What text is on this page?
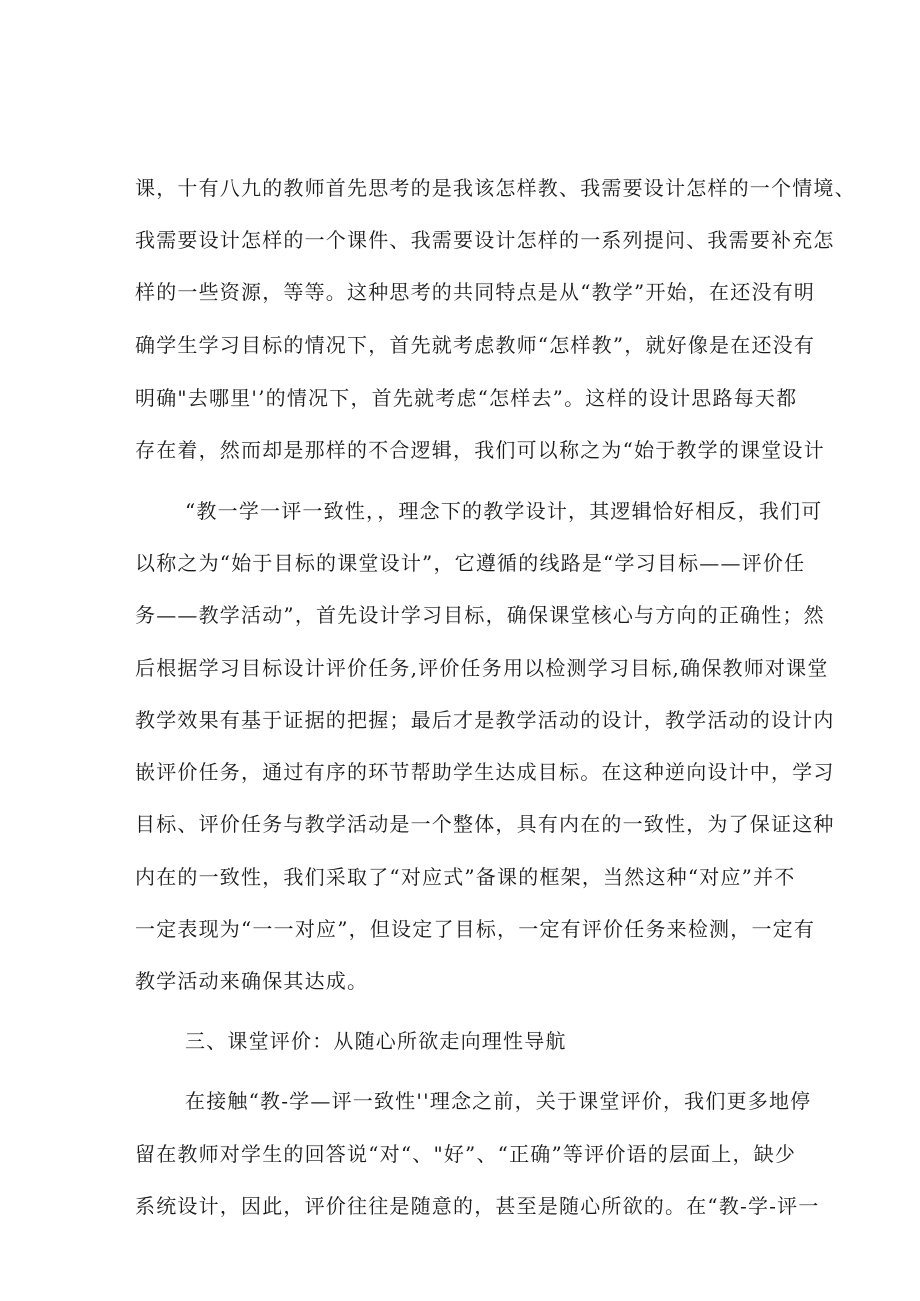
课，十有八九的教师首先思考的是我该怎样教、我需要设计怎样的一个情境、
我需要设计怎样的一个课件、我需要设计怎样的一系列提问、我需要补充怎
样的一些资源，等等。这种思考的共同特点是从“教学”开始，在还没有明
确学生学习目标的情况下，首先就考虑教师“怎样教”，就好像是在还没有
明确"去哪里'’的情况下，首先就考虑“怎样去”。这样的设计思路每天都
存在着，然而却是那样的不合逻辑，我们可以称之为“始于教学的课堂设计
“教一学一评一致性，，理念下的教学设计，其逻辑恰好相反，我们可
以称之为“始于目标的课堂设计”，它遵循的线路是“学习目标——评价任
务——教学活动”，首先设计学习目标，确保课堂核心与方向的正确性；然
后根据学习目标设计评价任务,评价任务用以检测学习目标,确保教师对课堂
教学效果有基于证据的把握；最后才是教学活动的设计，教学活动的设计内
嵌评价任务，通过有序的环节帮助学生达成目标。在这种逆向设计中，学习
目标、评价任务与教学活动是一个整体，具有内在的一致性，为了保证这种
内在的一致性，我们采取了“对应式”备课的框架，当然这种“对应”并不
一定表现为“一一对应”，但设定了目标，一定有评价任务来检测，一定有
教学活动来确保其达成。
三、课堂评价：从随心所欲走向理性导航
在接触“教-学—评一致性''理念之前，关于课堂评价，我们更多地停
留在教师对学生的回答说“对“、"好”、“正确”等评价语的层面上，缺少
系统设计，因此，评价往往是随意的，甚至是随心所欲的。在“教-学-评一
